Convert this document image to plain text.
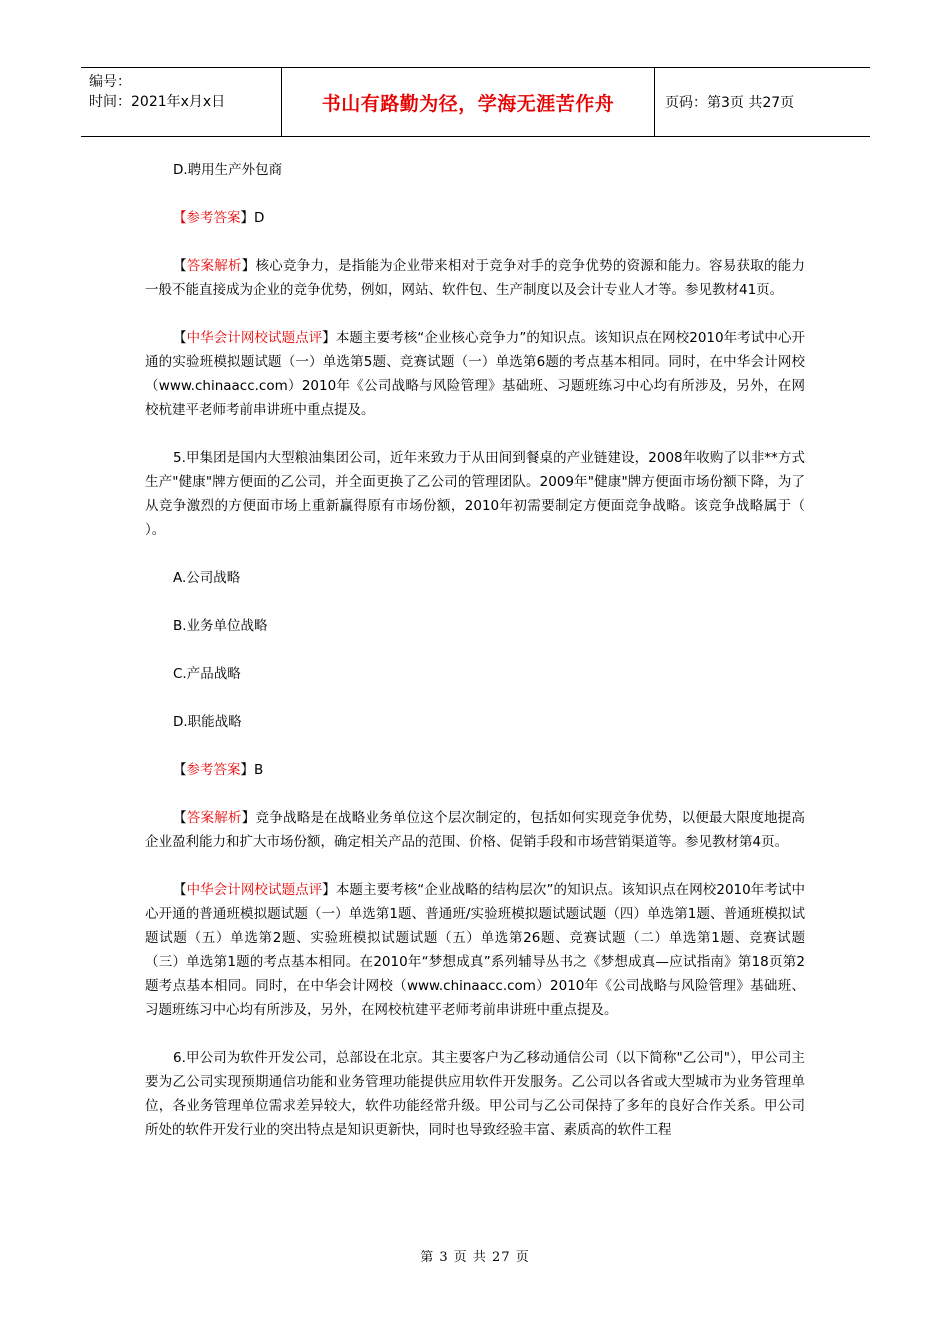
编号：
时间：2021年x月x日	书山有路勤为径，学海无涯苦作舟	页码：第3页 共27页

D.聘用生产外包商

【参考答案】D

【答案解析】核心竞争力，是指能为企业带来相对于竞争对手的竞争优势的资源和能力。容易获取的能力一般不能直接成为企业的竞争优势，例如，网站、软件包、生产制度以及会计专业人才等。参见教材41页。

【中华会计网校试题点评】本题主要考核“企业核心竞争力”的知识点。该知识点在网校2010年考试中心开通的实验班模拟题试题（一）单选第5题、竞赛试题（一）单选第6题的考点基本相同。同时，在中华会计网校（www.chinaacc.com）2010年《公司战略与风险管理》基础班、习题班练习中心均有所涉及，另外，在网校杭建平老师考前串讲班中重点提及。

5.甲集团是国内大型粮油集团公司，近年来致力于从田间到餐桌的产业链建设，2008年收购了以非**方式生产"健康"牌方便面的乙公司，并全面更换了乙公司的管理团队。2009年"健康"牌方便面市场份额下降，为了从竞争激烈的方便面市场上重新赢得原有市场份额，2010年初需要制定方便面竞争战略。该竞争战略属于（ ）。

A.公司战略

B.业务单位战略

C.产品战略

D.职能战略

【参考答案】B

【答案解析】竞争战略是在战略业务单位这个层次制定的，包括如何实现竞争优势，以便最大限度地提高企业盈利能力和扩大市场份额，确定相关产品的范围、价格、促销手段和市场营销渠道等。参见教材第4页。

【中华会计网校试题点评】本题主要考核“企业战略的结构层次”的知识点。该知识点在网校2010年考试中心开通的普通班模拟题试题（一）单选第1题、普通班/实验班模拟题试题试题（四）单选第1题、普通班模拟试题试题（五）单选第2题、实验班模拟试题试题（五）单选第26题、竞赛试题（二）单选第1题、竞赛试题（三）单选第1题的考点基本相同。在2010年“梦想成真”系列辅导丛书之《梦想成真—应试指南》第18页第2题考点基本相同。同时，在中华会计网校（www.chinaacc.com）2010年《公司战略与风险管理》基础班、习题班练习中心均有所涉及，另外，在网校杭建平老师考前串讲班中重点提及。

6.甲公司为软件开发公司，总部设在北京。其主要客户为乙移动通信公司（以下简称"乙公司"），甲公司主要为乙公司实现预期通信功能和业务管理功能提供应用软件开发服务。乙公司以各省或大型城市为业务管理单位，各业务管理单位需求差异较大，软件功能经常升级。甲公司与乙公司保持了多年的良好合作关系。甲公司所处的软件开发行业的突出特点是知识更新快，同时也导致经验丰富、素质高的软件工程

第 3 页 共 27 页
